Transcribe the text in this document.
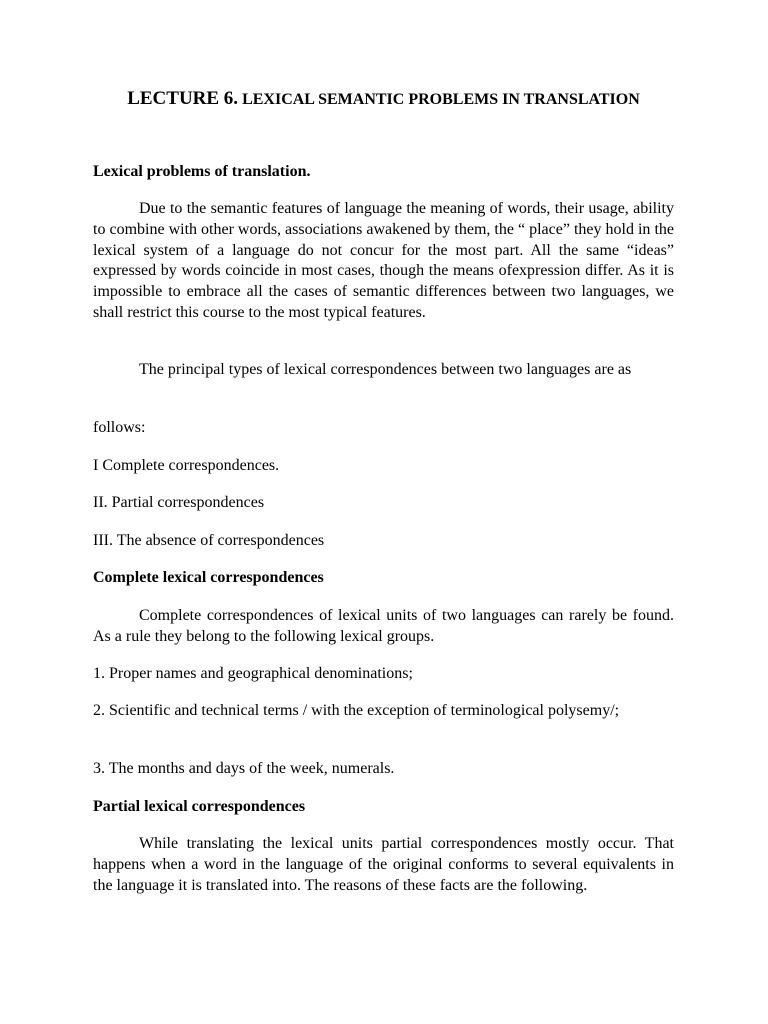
LECTURE 6. LEXICAL SEMANTIC PROBLEMS IN TRANSLATION

Lexical problems of translation.

Due to the semantic features of language the meaning of words, their usage, ability to combine with other words, associations awakened by them, the “ place” they hold in the lexical system of a language do not concur for the most part. All the same “ideas” expressed by words coincide in most cases, though the means ofexpression differ. As it is impossible to embrace all the cases of semantic differences between two languages, we shall restrict this course to the most typical features.

The principal types of lexical correspondences between two languages are as

follows:

I Complete correspondences.

II. Partial correspondences

III. The absence of correspondences

Complete lexical correspondences

Complete correspondences of lexical units of two languages can rarely be found. As a rule they belong to the following lexical groups.

1. Proper names and geographical denominations;

2. Scientific and technical terms / with the exception of terminological polysemy/;

3. The months and days of the week, numerals.

Partial lexical correspondences

While translating the lexical units partial correspondences mostly occur. That happens when a word in the language of the original conforms to several equivalents in the language it is translated into. The reasons of these facts are the following.
